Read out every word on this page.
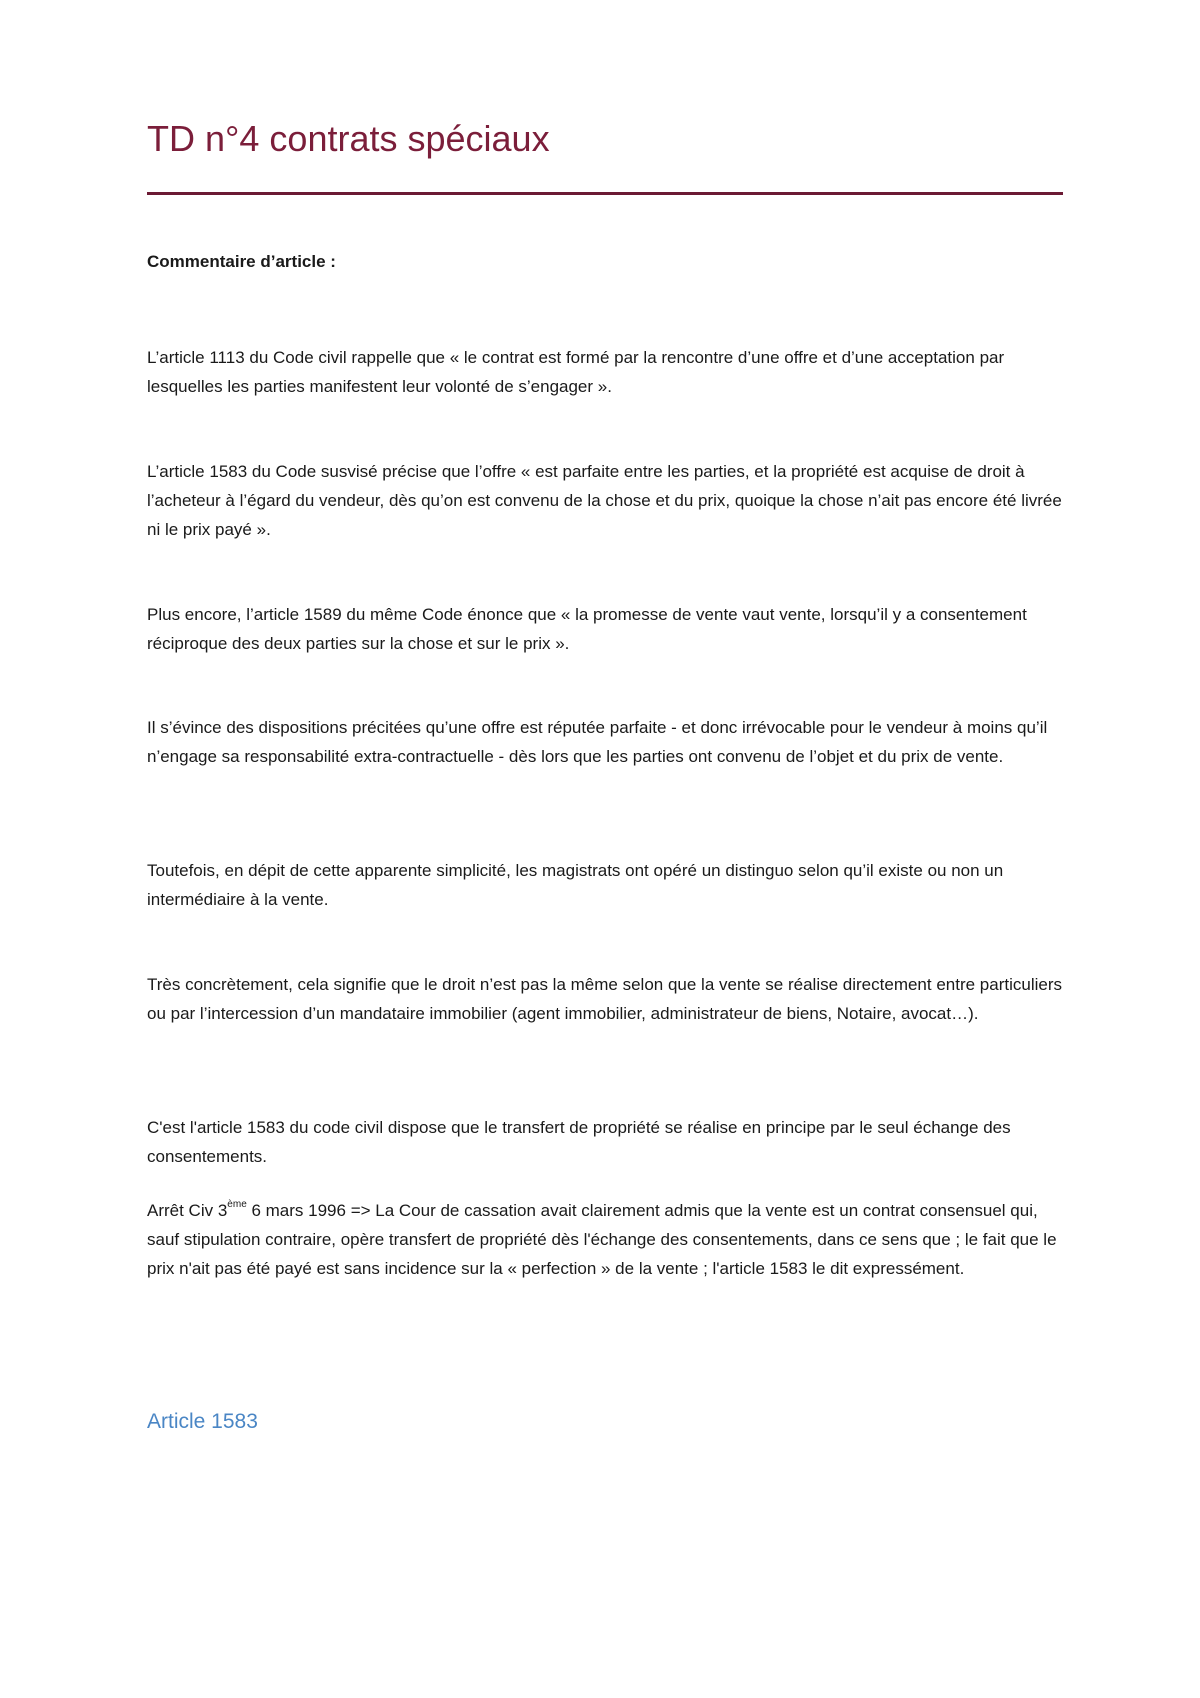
TD n°4 contrats spéciaux
Commentaire d’article :

L’article 1113 du Code civil rappelle que « le contrat est formé par la rencontre d’une offre et d’une acceptation par lesquelles les parties manifestent leur volonté de s’engager ».

L’article 1583 du Code susvisé précise que l’offre « est parfaite entre les parties, et la propriété est acquise de droit à l’acheteur à l’égard du vendeur, dès qu’on est convenu de la chose et du prix, quoique la chose n’ait pas encore été livrée ni le prix payé ».

Plus encore, l’article 1589 du même Code énonce que « la promesse de vente vaut vente, lorsqu’il y a consentement réciproque des deux parties sur la chose et sur le prix ».

Il s’évince des dispositions précitées qu’une offre est réputée parfaite - et donc irrévocable pour le vendeur à moins qu’il n’engage sa responsabilité extra-contractuelle - dès lors que les parties ont convenu de l’objet et du prix de vente.

Toutefois, en dépit de cette apparente simplicité, les magistrats ont opéré un distinguo selon qu’il existe ou non un intermédiaire à la vente.

Très concrètement, cela signifie que le droit n’est pas la même selon que la vente se réalise directement entre particuliers ou par l’intercession d’un mandataire immobilier (agent immobilier, administrateur de biens, Notaire, avocat…).

C'est l'article 1583 du code civil dispose que le transfert de propriété se réalise en principe par le seul échange des consentements.

Arrêt Civ 3ème 6 mars 1996 => La Cour de cassation avait clairement admis que la vente est un contrat consensuel qui, sauf stipulation contraire, opère transfert de propriété dès l'échange des consentements, dans ce sens que ; le fait que le prix n'ait pas été payé est sans incidence sur la « perfection » de la vente ; l'article 1583 le dit expressément.

Article 1583
